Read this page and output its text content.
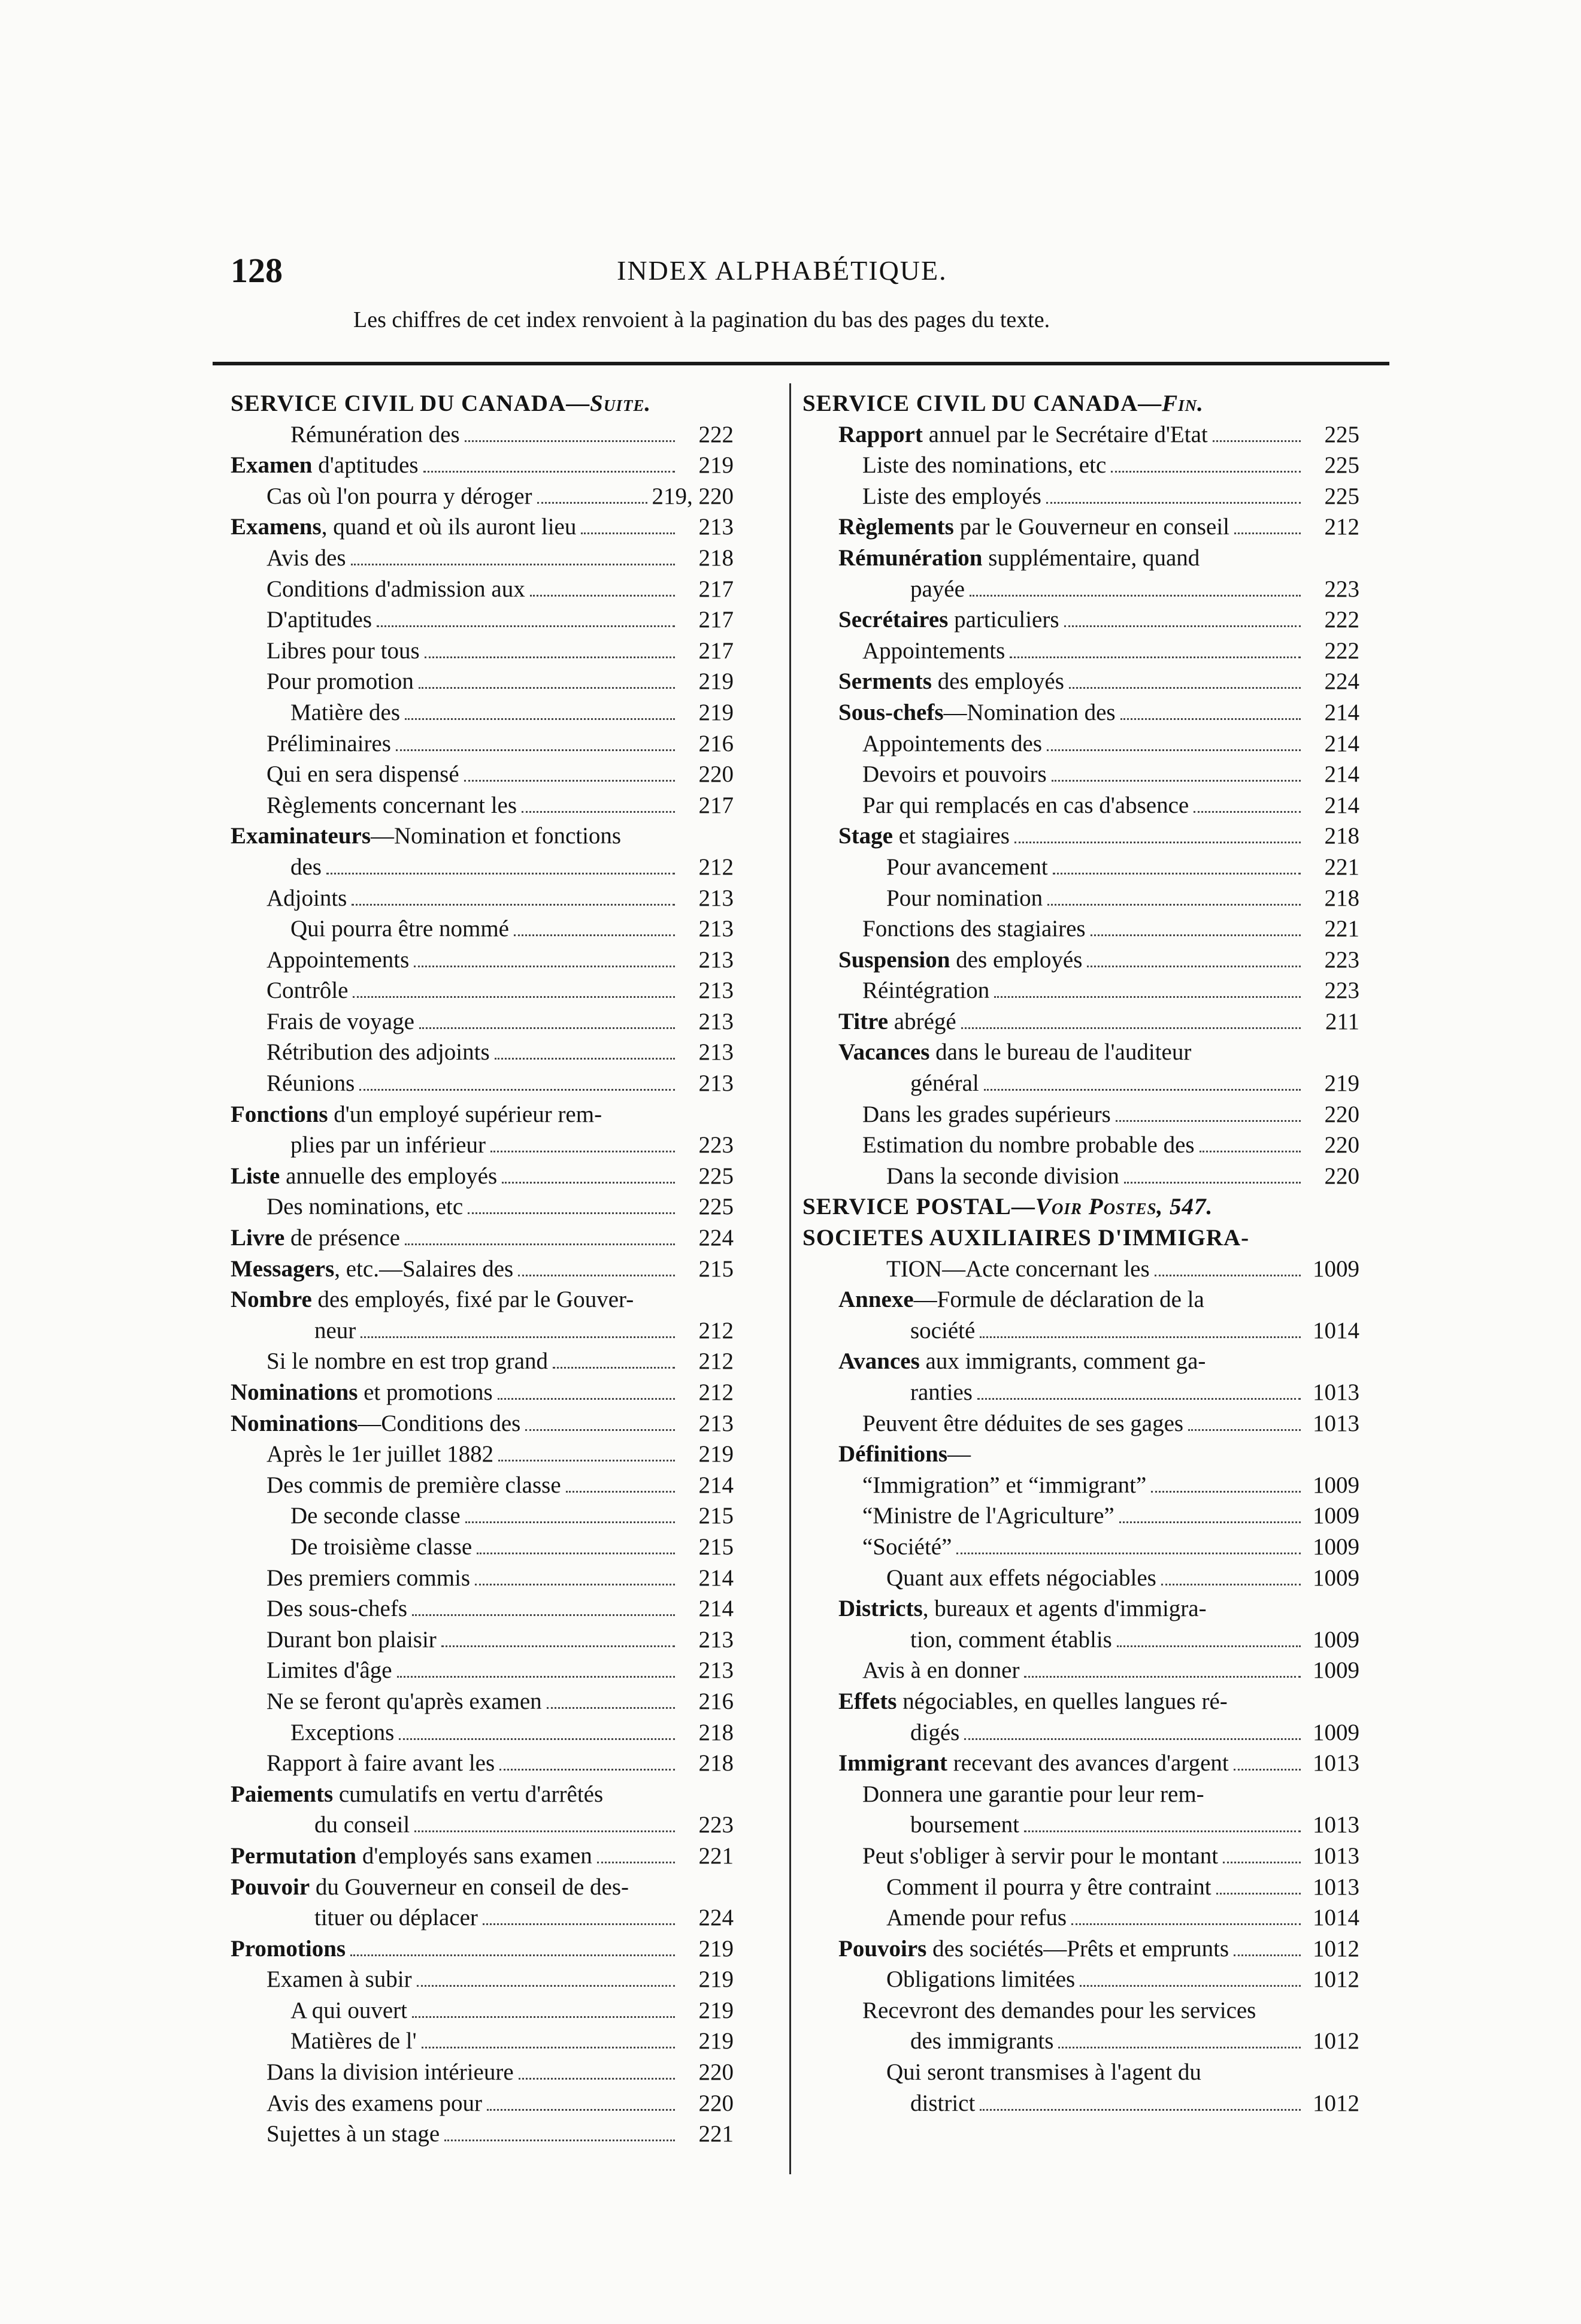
128	INDEX ALPHABÉTIQUE.
Les chiffres de cet index renvoient à la pagination du bas des pages du texte.
SERVICE CIVIL DU CANADA—Suite.
Rémunération des	222
Examen d'aptitudes	219
Cas où l'on pourra y déroger	219, 220
Examens, quand et où ils auront lieu	213
Avis des	218
Conditions d'admission aux	217
D'aptitudes	217
Libres pour tous	217
Pour promotion	219
Matière des	219
Préliminaires	216
Qui en sera dispensé	220
Règlements concernant les	217
Examinateurs—Nomination et fonctions
des	212
Adjoints	213
Qui pourra être nommé	213
Appointements	213
Contrôle	213
Frais de voyage	213
Rétribution des adjoints	213
Réunions	213
Fonctions d'un employé supérieur rem-
plies par un inférieur	223
Liste annuelle des employés	225
Des nominations, etc	225
Livre de présence	224
Messagers, etc.—Salaires des	215
Nombre des employés, fixé par le Gouver-
neur	212
Si le nombre en est trop grand	212
Nominations et promotions	212
Nominations—Conditions des	213
Après le 1er juillet 1882	219
Des commis de première classe	214
De seconde classe	215
De troisième classe	215
Des premiers commis	214
Des sous-chefs	214
Durant bon plaisir	213
Limites d'âge	213
Ne se feront qu'après examen	216
Exceptions	218
Rapport à faire avant les	218
Paiements cumulatifs en vertu d'arrêtés
du conseil	223
Permutation d'employés sans examen	221
Pouvoir du Gouverneur en conseil de des-
tituer ou déplacer	224
Promotions	219
Examen à subir	219
A qui ouvert	219
Matières de l'	219
Dans la division intérieure	220
Avis des examens pour	220
Sujettes à un stage	221
SERVICE CIVIL DU CANADA—Fin.
Rapport annuel par le Secrétaire d'Etat	225
Liste des nominations, etc	225
Liste des employés	225
Règlements par le Gouverneur en conseil	212
Rémunération supplémentaire, quand
payée	223
Secrétaires particuliers	222
Appointements	222
Serments des employés	224
Sous-chefs—Nomination des	214
Appointements des	214
Devoirs et pouvoirs	214
Par qui remplacés en cas d'absence	214
Stage et stagiaires	218
Pour avancement	221
Pour nomination	218
Fonctions des stagiaires	221
Suspension des employés	223
Réintégration	223
Titre abrégé	211
Vacances dans le bureau de l'auditeur
général	219
Dans les grades supérieurs	220
Estimation du nombre probable des	220
Dans la seconde division	220
SERVICE POSTAL—Voir Postes, 547.
SOCIETES AUXILIAIRES D'IMMIGRA-
TION—Acte concernant les	1009
Annexe—Formule de déclaration de la
société	1014
Avances aux immigrants, comment ga-
ranties	1013
Peuvent être déduites de ses gages	1013
Définitions—
“Immigration” et “immigrant”	1009
“Ministre de l'Agriculture”	1009
“Société”	1009
Quant aux effets négociables	1009
Districts, bureaux et agents d'immigra-
tion, comment établis	1009
Avis à en donner	1009
Effets négociables, en quelles langues ré-
digés	1009
Immigrant recevant des avances d'argent	1013
Donnera une garantie pour leur rem-
boursement	1013
Peut s'obliger à servir pour le montant	1013
Comment il pourra y être contraint	1013
Amende pour refus	1014
Pouvoirs des sociétés—Prêts et emprunts	1012
Obligations limitées	1012
Recevront des demandes pour les services
des immigrants	1012
Qui seront transmises à l'agent du
district	1012
